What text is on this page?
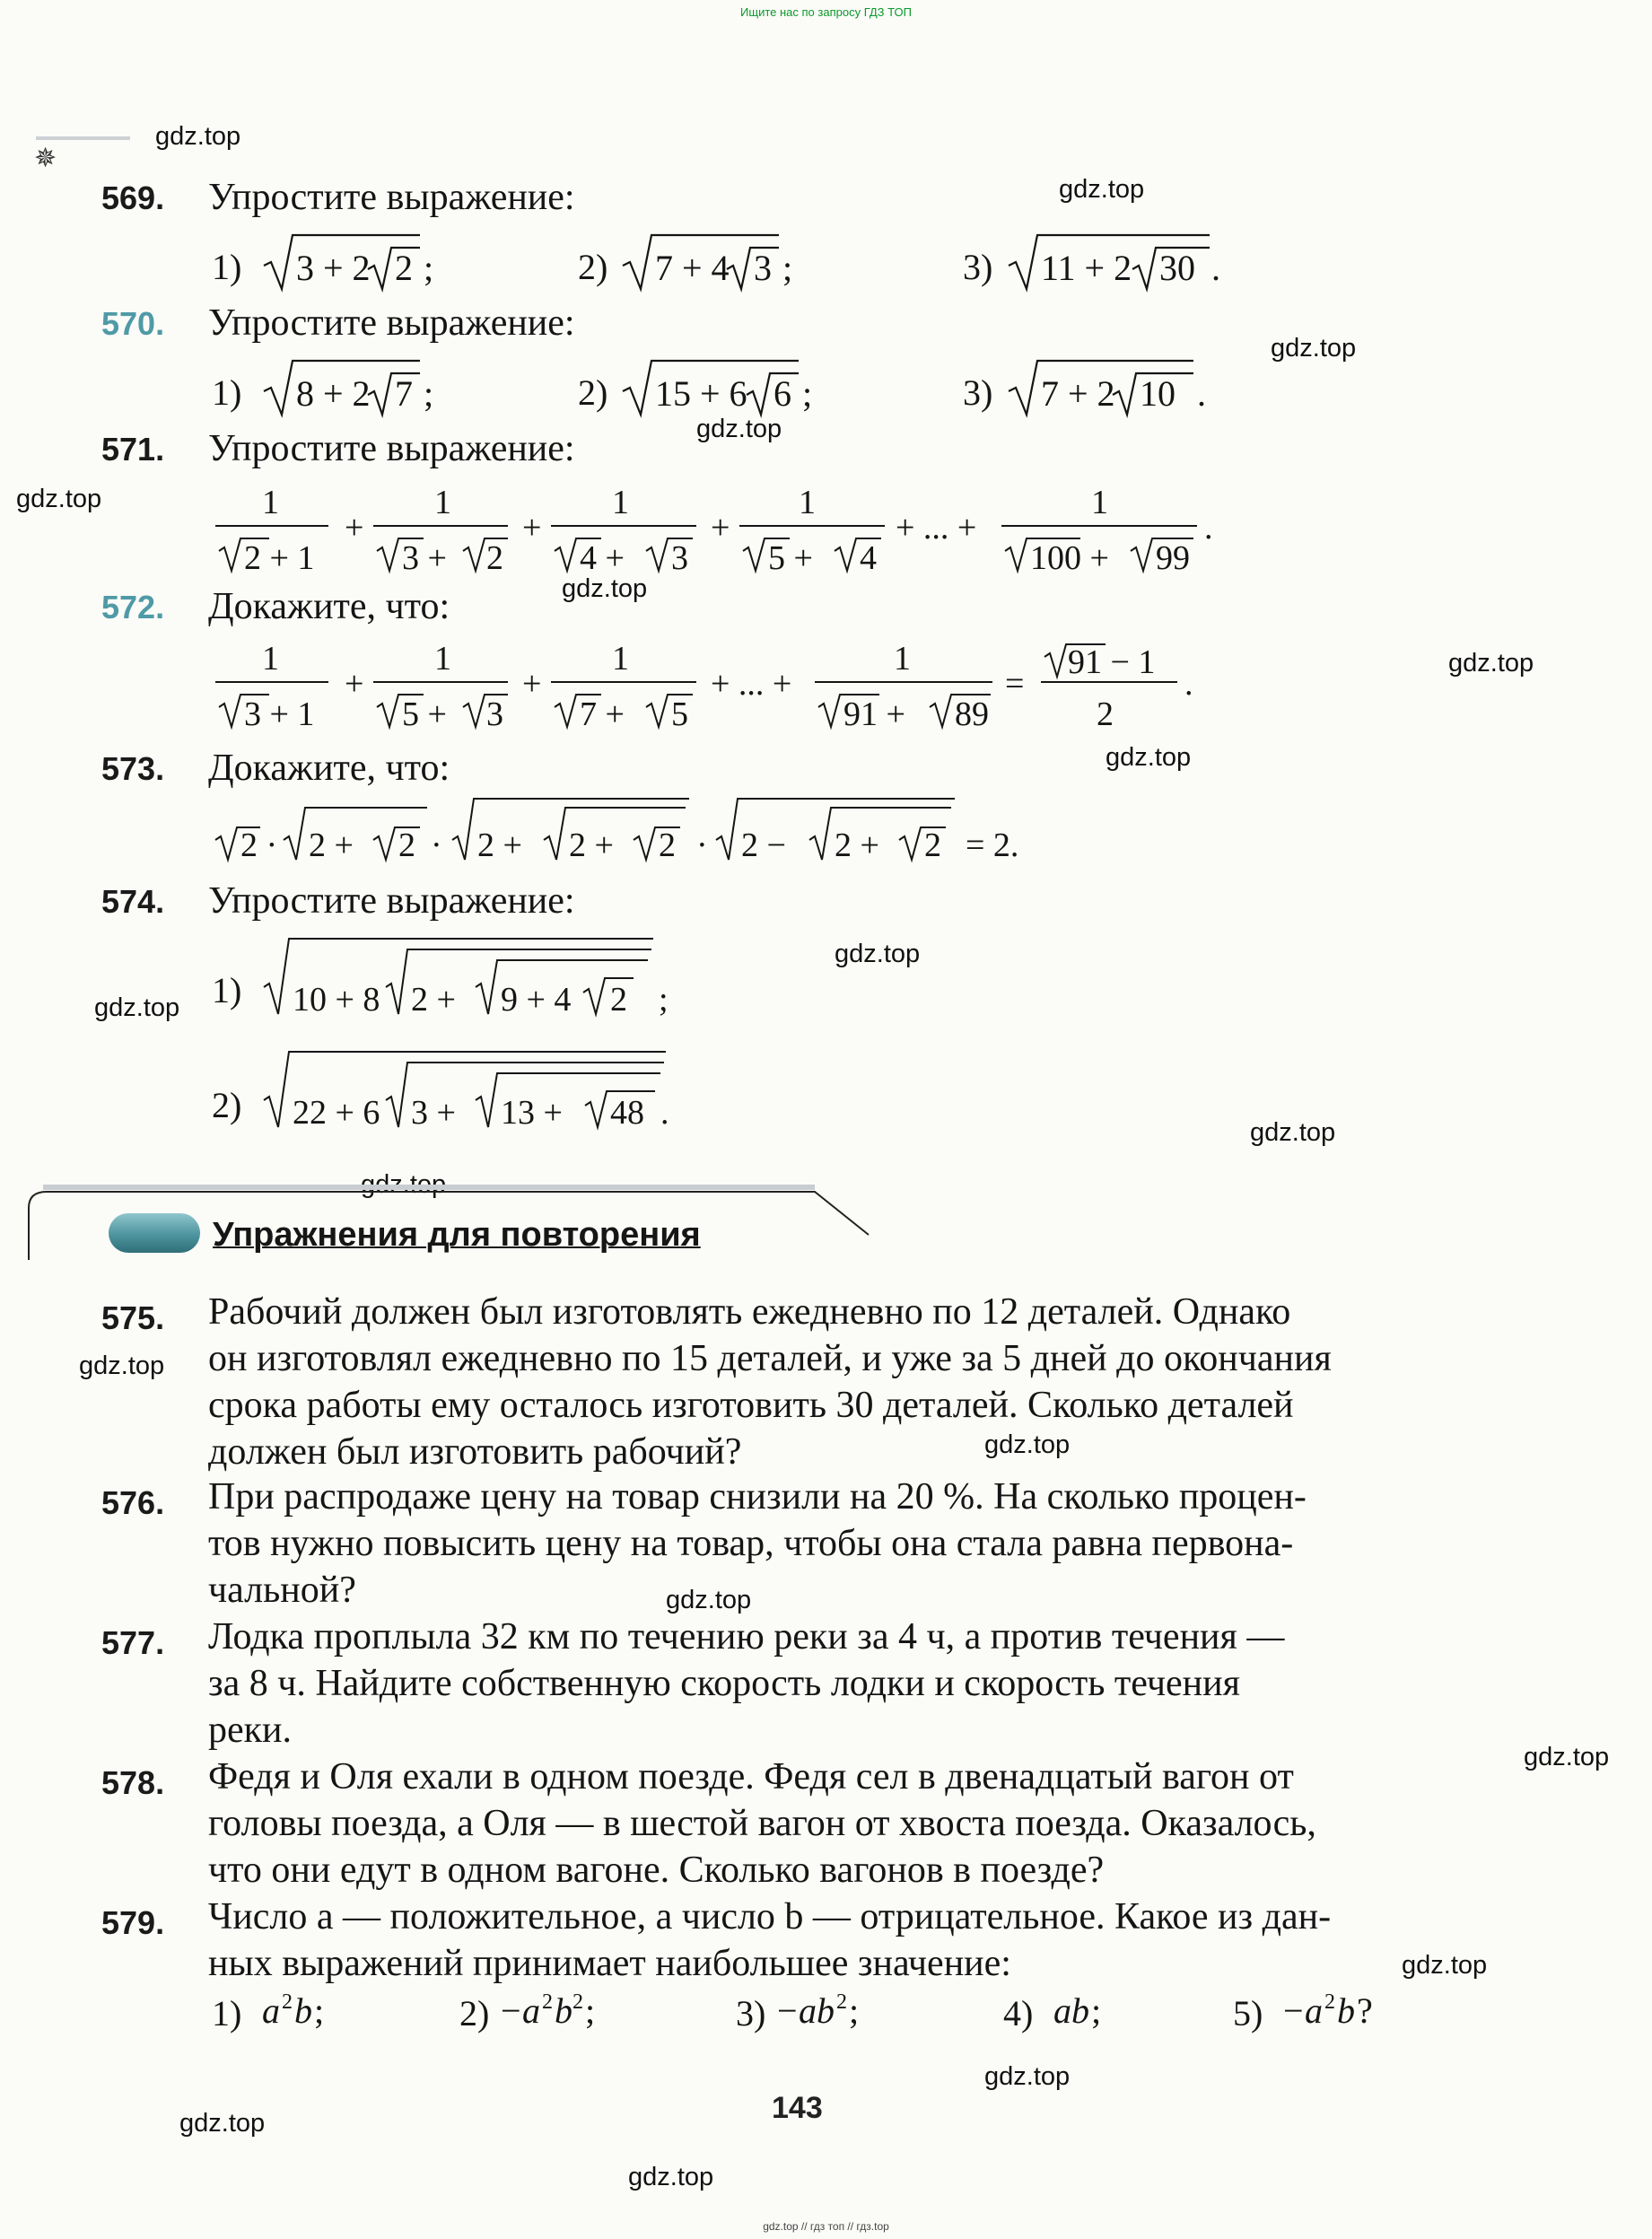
Ищите нас по запросу ГДЗ ТОП
✵
gdz.top
gdz.top
gdz.top
gdz.top
gdz.top
gdz.top
gdz.top
gdz.top
gdz.top
gdz.top
gdz.top
gdz.top
gdz.top
gdz.top
gdz.top
gdz.top
gdz.top
gdz.top
gdz.top
569. Упростите выражение:
1)	2)	3)
3 + 2 2 ;	7 + 4 3 ;	11 + 2 30 .
570. Упростите выражение:
1)	2)	3)
8 + 2 7 ;	15 + 6 6 ;	7 + 2 10 .
571. Упростите выражение:
1
2 + 1
+
1
3 + 2
+
1
4 + 3
+
1
5 + 4
+ ... +
1
100 + 99
.
572. Докажите, что:
1
3 + 1
+
1
5 + 3
+
1
7 + 5
+ ... +
1
91 + 89
=
91 − 1
2
.
573. Докажите, что:
2 · 2 + 2 · 2 + 2 + 2 · 2 − 2 + 2 = 2.
574. Упростите выражение:
1)
2)
10 + 8 2 + 9 + 4 2 ;
22 + 6 3 + 13 + 48 .
Упражнения для повторения
575. Рабочий должен был изготовлять ежедневно по 12 деталей. Однако
он изготовлял ежедневно по 15 деталей, и уже за 5 дней до окончания
срока работы ему осталось изготовить 30 деталей. Сколько деталей
должен был изготовить рабочий?
576. При распродаже цену на товар снизили на 20 %. На сколько процен-
тов нужно повысить цену на товар, чтобы она стала равна первона-
чальной?
577. Лодка проплыла 32 км по течению реки за 4 ч, а против течения —
за 8 ч. Найдите собственную скорость лодки и скорость течения
реки.
578. Федя и Оля ехали в одном поезде. Федя сел в двенадцатый вагон от
головы поезда, а Оля — в шестой вагон от хвоста поезда. Оказалось,
что они едут в одном вагоне. Сколько вагонов в поезде?
579. Число a — положительное, а число b — отрицательное. Какое из дан-
ных выражений принимает наибольшее значение:
1)	2)	3)	4)	5)
a 2 b ;	− a 2 b 2 ;	− ab 2 ;	ab ;	− a 2 b ?
143
gdz.top // гдз топ // гдз.top
